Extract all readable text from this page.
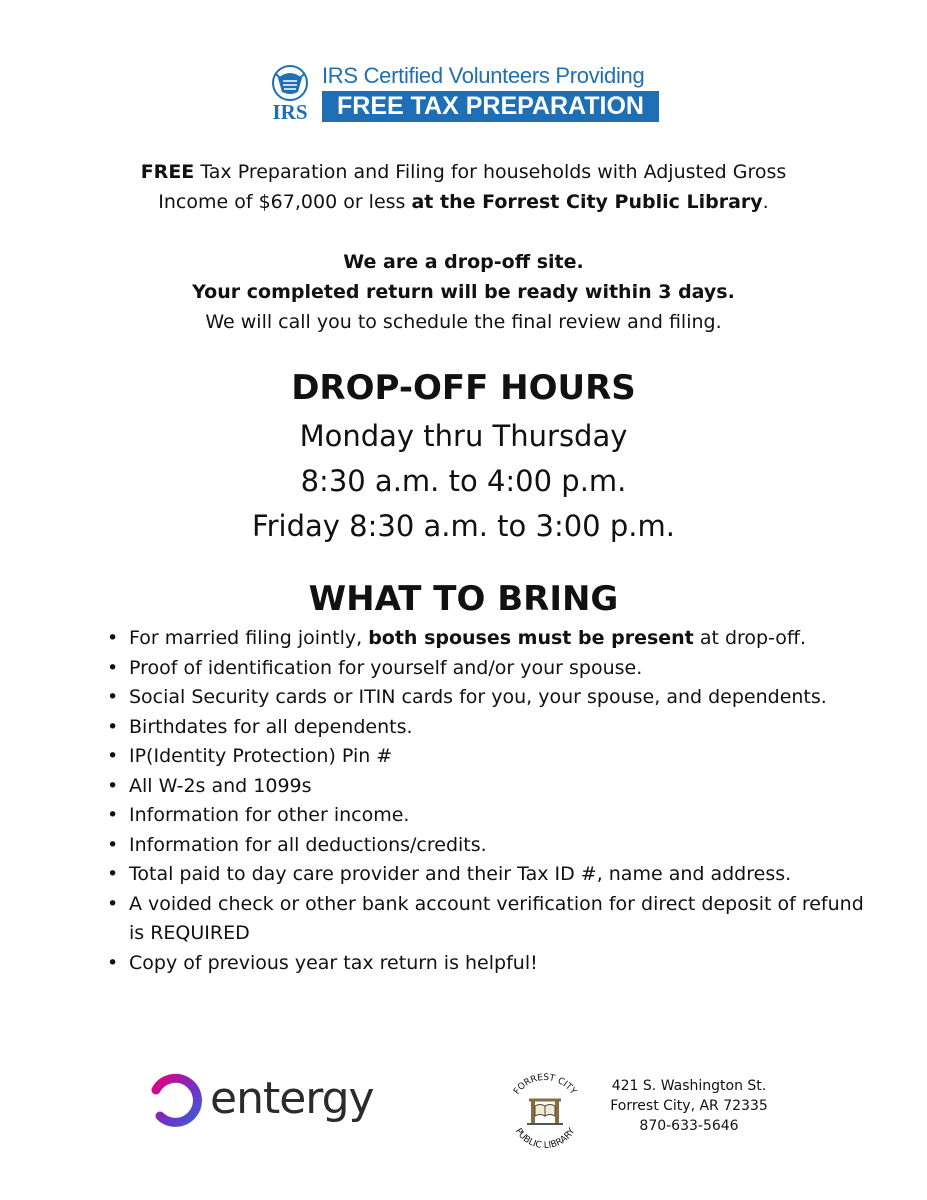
IRS
IRS Certified Volunteers Providing
FREE TAX PREPARATION

FREE Tax Preparation and Filing for households with Adjusted Gross

Income of $67,000 or less at the Forrest City Public Library.

We are a drop-off site.

Your completed return will be ready within 3 days.

We will call you to schedule the final review and filing.

DROP-OFF HOURS
Monday thru Thursday
8:30 a.m. to 4:00 p.m.
Friday 8:30 a.m. to 3:00 p.m.
WHAT TO BRING
• For married filing jointly, both spouses must be present at drop-off.
• Proof of identification for yourself and/or your spouse.
• Social Security cards or ITIN cards for you, your spouse, and dependents.
• Birthdates for all dependents.
• IP(Identity Protection) Pin #
• All W-2s and 1099s
• Information for other income.
• Information for all deductions/credits.
• Total paid to day care provider and their Tax ID #, name and address.
• A voided check or other bank account verification for direct deposit of refund is REQUIRED
• Copy of previous year tax return is helpful!
entergy	FORREST CITY
PUBLIC LIBRARY
421 S. Washington St.
Forrest City, AR 72335
870-633-5646
